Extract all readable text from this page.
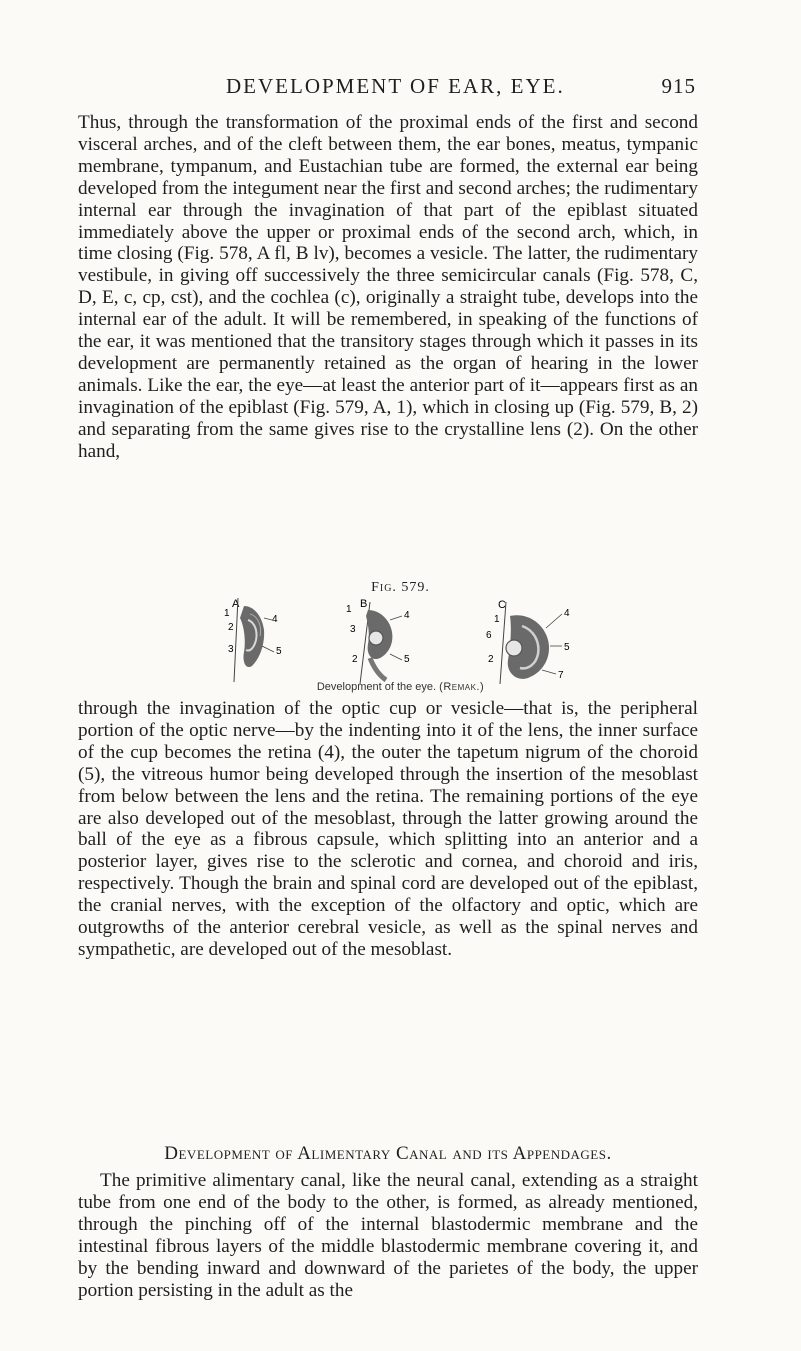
DEVELOPMENT OF EAR, EYE.	915

Thus, through the transformation of the proximal ends of the first and second visceral arches, and of the cleft between them, the ear bones, meatus, tympanic membrane, tympanum, and Eustachian tube are formed, the external ear being developed from the integument near the first and second arches; the rudimentary internal ear through the invagination of that part of the epiblast situated immediately above the upper or proximal ends of the second arch, which, in time closing (Fig. 578, A fl, B lv), becomes a vesicle. The latter, the rudimentary vestibule, in giving off successively the three semicircular canals (Fig. 578, C, D, E, c, cp, cst), and the cochlea (c), originally a straight tube, develops into the internal ear of the adult. It will be remembered, in speaking of the functions of the ear, it was mentioned that the transitory stages through which it passes in its development are permanently retained as the organ of hearing in the lower animals. Like the ear, the eye—at least the anterior part of it—appears first as an invagination of the epiblast (Fig. 579, A, 1), which in closing up (Fig. 579, B, 2) and separating from the same gives rise to the crystalline lens (2). On the other hand,

Fig. 579.
A
1
2
3
4
5
B
1
2
3
4
5
C
1
6
2
4
5
7
Development of the eye. (Remak.)

through the invagination of the optic cup or vesicle—that is, the peripheral portion of the optic nerve—by the indenting into it of the lens, the inner surface of the cup becomes the retina (4), the outer the tapetum nigrum of the choroid (5), the vitreous humor being developed through the insertion of the mesoblast from below between the lens and the retina. The remaining portions of the eye are also developed out of the mesoblast, through the latter growing around the ball of the eye as a fibrous capsule, which splitting into an anterior and a posterior layer, gives rise to the sclerotic and cornea, and choroid and iris, respectively. Though the brain and spinal cord are developed out of the epiblast, the cranial nerves, with the exception of the olfactory and optic, which are outgrowths of the anterior cerebral vesicle, as well as the spinal nerves and sympathetic, are developed out of the mesoblast.

Development of Alimentary Canal and its Appendages.

The primitive alimentary canal, like the neural canal, extending as a straight tube from one end of the body to the other, is formed, as already mentioned, through the pinching off of the internal blastodermic membrane and the intestinal fibrous layers of the middle blastodermic membrane covering it, and by the bending inward and downward of the parietes of the body, the upper portion persisting in the adult as the
